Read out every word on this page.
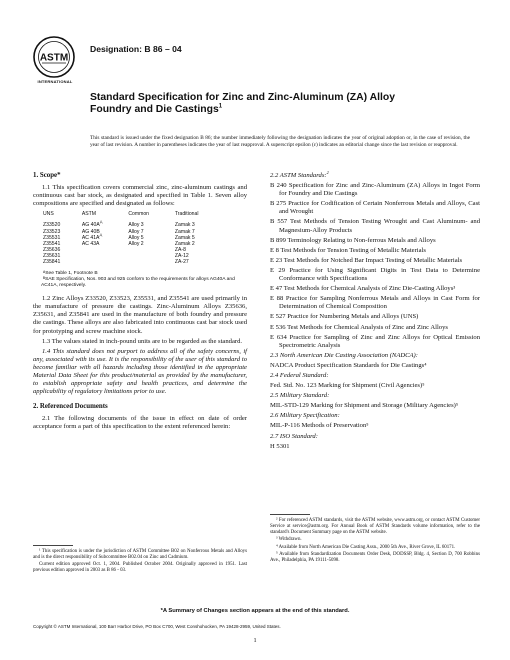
ASTM
INTERNATIONAL
Designation: B 86 – 04
Standard Specification for Zinc and Zinc-Aluminum (ZA) Alloy Foundry and Die Castings$^1$
This standard is issued under the fixed designation B 86; the number immediately following the designation indicates the year of original adoption or, in the case of revision, the year of last revision. A number in parentheses indicates the year of last reapproval. A superscript epsilon (ε) indicates an editorial change since the last revision or reapproval.

1. Scope*

1.1 This specification covers commercial zinc, zinc-aluminum castings and continuous cast bar stock, as designated and specified in Table 1. Seven alloy compositions are specified and designated as follows:

UNS	ASTM	Common	Traditional
Z33520	AG $40A^A$	Alloy 3	Zamak 3
Z33523	AG 40B	Alloy 7	Zamak 7
Z35531	AC $41A^A$	Alloy 5	Zamak 5
Z35541	AC 43A	Alloy 2	Zamak 2
Z35636			ZA-8
Z35631			ZA-12
Z35841			ZA-27
ᴬSee Table 1, Footnote B
ᴮSAE Specification, Nos. 903 and 925 conform to the requirements for alloys AG40A and AC41A, respectively.

1.2 Zinc Alloys Z33520, Z33523, Z35531, and Z35541 are used primarily in the manufacture of pressure die castings. Zinc-Aluminum Alloys Z35636, Z35631, and Z35841 are used in the manufacture of both foundry and pressure die castings. These alloys are also fabricated into continuous cast bar stock used for prototyping and screw machine stock.

1.3 The values stated in inch-pound units are to be regarded as the standard.

1.4 This standard does not purport to address all of the safety concerns, if any, associated with its use. It is the responsibility of the user of this standard to become familiar with all hazards including those identified in the appropriate Material Data Sheet for this product/material as provided by the manufacturer, to establish appropriate safety and health practices, and determine the applicability of regulatory limitations prior to use.

2. Referenced Documents

2.1 The following documents of the issue in effect on date of order acceptance form a part of this specification to the extent referenced herein:

2.2 ASTM Standards:$^2$

B 240 Specification for Zinc and Zinc-Aluminum (ZA) Alloys in Ingot Form for Foundry and Die Castings

B 275 Practice for Codification of Certain Nonferrous Metals and Alloys, Cast and Wrought

B 557 Test Methods of Tension Testing Wrought and Cast Aluminum- and Magnesium-Alloy Products

B 899 Terminology Relating to Non-ferrous Metals and Alloys

E 8 Test Methods for Tension Testing of Metallic Materials

E 23 Test Methods for Notched Bar Impact Testing of Metallic Materials

E 29 Practice for Using Significant Digits in Test Data to Determine Conformance with Specifications

E 47 Test Methods for Chemical Analysis of Zinc Die-Casting Alloys³

E 88 Practice for Sampling Nonferrous Metals and Alloys in Cast Form for Determination of Chemical Composition

E 527 Practice for Numbering Metals and Alloys (UNS)

E 536 Test Methods for Chemical Analysis of Zinc and Zinc Alloys

E 634 Practice for Sampling of Zinc and Zinc Alloys for Optical Emission Spectrometric Analysis

2.3 North American Die Casting Association (NADCA):

NADCA Product Specification Standards for Die Castings⁴

2.4 Federal Standard:

Fed. Std. No. 123 Marking for Shipment (Civil Agencies)⁵

2.5 Military Standard:

MIL-STD-129 Marking for Shipment and Storage (Military Agencies)⁵

2.6 Military Specification:

MIL-P-116 Methods of Preservation⁵

2.7 ISO Standard:

H 5301

¹ This specification is under the jurisdiction of ASTM Committee B02 on Nonferrous Metals and Alloys and is the direct responsibility of Subcommittee B02.04 on Zinc and Cadmium.
Current edition approved Oct. 1, 2004. Published October 2004. Originally approved in 1951. Last previous edition approved in 2003 as B 86 - 03.
² For referenced ASTM standards, visit the ASTM website, www.astm.org, or contact ASTM Customer Service at service@astm.org. For Annual Book of ASTM Standards volume information, refer to the standard's Document Summary page on the ASTM website.
³ Withdrawn.
⁴ Available from North American Die Casting Assn., 2000 5th Ave., River Grove, IL 60171.
⁵ Available from Standardization Documents Order Desk, DODSSP, Bldg. 4, Section D, 700 Robbins Ave., Philadelphia, PA 19111-5098.
*A Summary of Changes section appears at the end of this standard.
Copyright © ASTM International, 100 Barr Harbor Drive, PO Box C700, West Conshohocken, PA 19428-2959, United States.
1
